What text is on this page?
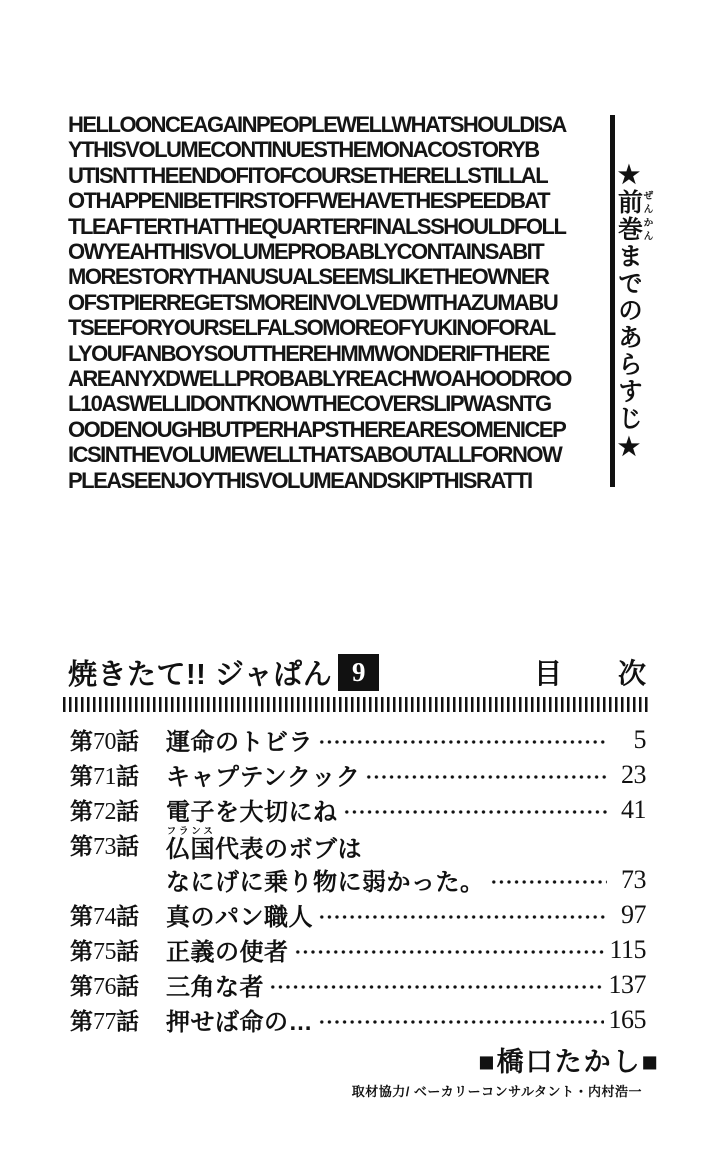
HELLOONCEAGAINPEOPLEWELLWHATSHOULDISA
YTHISVOLUMECONTINUESTHEMONACOSTORYB
UTISNTTHEENDOFITOFCOURSETHERELLSTILLAL
OTHAPPENIBETFIRSTOFFWEHAVETHESPEEDBAT
TLEAFTERTHATTHEQUARTERFINALSSHOULDFOLL
OWYEAHTHISVOLUMEPROBABLYCONTAINSABIT
MORESTORYTHANUSUALSEEMSLIKETHEOWNER
OFSTPIERREGETSMOREINVOLVEDWITHAZUMABU
TSEEFORYOURSELFALSOMOREOFYUKINOFORAL
LYOUFANBOYSOUTTHEREHMMWONDERIFTHERE
AREANYXDWELLPROBABLYREACHWOAHOODROO
L10ASWELLIDONTKNOWTHECOVERSLIPWASNTG
OODENOUGHBUTPERHAPSTHEREARESOMENICEP
ICSINTHEVOLUMEWELLTHATSABOUTALLFORNOW
PLEASEENJOYTHISVOLUMEANDSKIPTHISRATTI
★前巻ぜんかんまでのあらすじ★
焼きたて!! ジャぱん 9	目　　次
第70話	運命のトビラ	5
第71話	キャプテンクック	23
第72話	電子を大切にね	41
第73話	仏国フランス代表のボブは
なにげに乗り物に弱かった。	73
第74話	真のパン職人	97
第75話	正義の使者	115
第76話	三角な者	137
第77話	押せば命の…	165
■橋口たかし■
取材協力/ ベーカリーコンサルタント・内村浩一
